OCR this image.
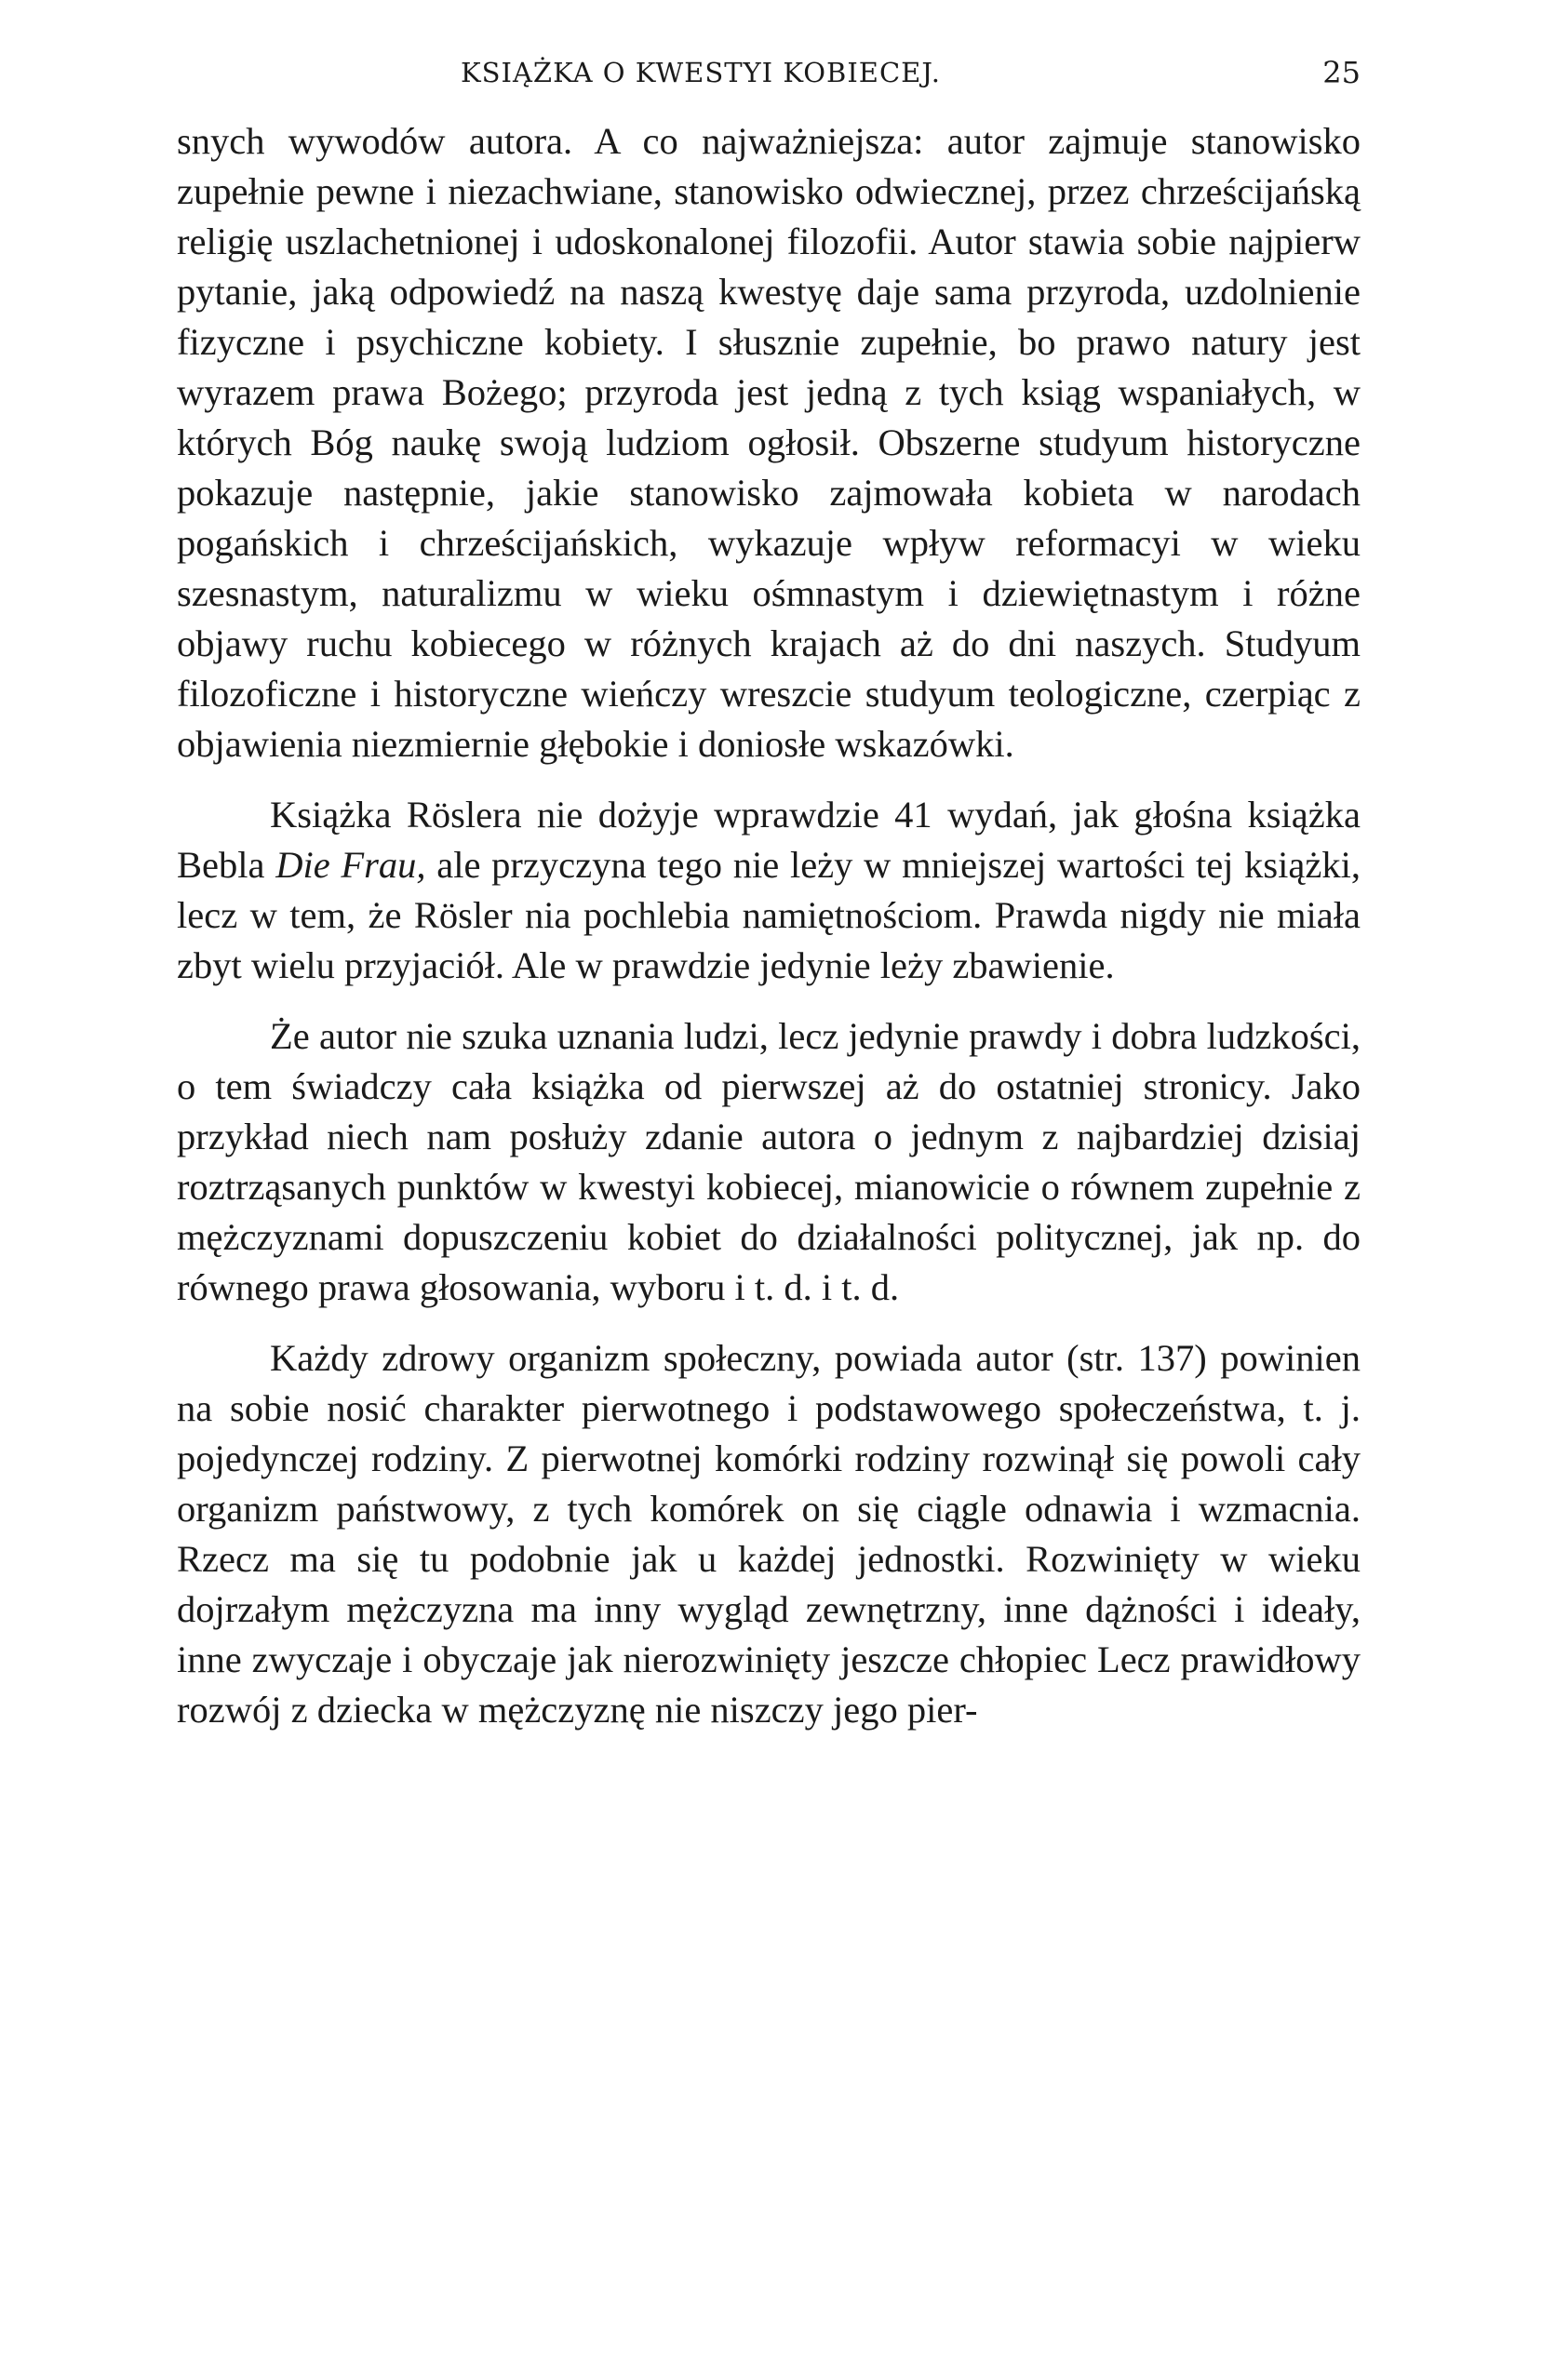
KSIĄŻKA O KWESTYI KOBIECEJ.	25

snych wywodów autora. A co najważniejsza: autor zajmuje stanowisko zupełnie pewne i niezachwiane, stanowisko odwiecznej, przez chrześcijańską religię uszlachetnionej i udoskonalonej filozofii. Autor stawia sobie najpierw pytanie, jaką odpowiedź na naszą kwestyę daje sama przyroda, uzdolnienie fizyczne i psychiczne kobiety. I słusznie zupełnie, bo prawo natury jest wyrazem prawa Bożego; przyroda jest jedną z tych ksiąg wspaniałych, w których Bóg naukę swoją ludziom ogłosił. Obszerne studyum historyczne pokazuje następnie, jakie stanowisko zajmowała kobieta w narodach pogańskich i chrześcijańskich, wykazuje wpływ reformacyi w wieku szesnastym, naturalizmu w wieku ośmnastym i dziewiętnastym i różne objawy ruchu kobiecego w różnych krajach aż do dni naszych. Studyum filozoficzne i historyczne wieńczy wreszcie studyum teologiczne, czerpiąc z objawienia niezmiernie głębokie i doniosłe wskazówki.

Książka Röslera nie dożyje wprawdzie 41 wydań, jak głośna książka Bebla Die Frau, ale przyczyna tego nie leży w mniejszej wartości tej książki, lecz w tem, że Rösler nia pochlebia namiętnościom. Prawda nigdy nie miała zbyt wielu przyjaciół. Ale w prawdzie jedynie leży zbawienie.

Że autor nie szuka uznania ludzi, lecz jedynie prawdy i dobra ludzkości, o tem świadczy cała książka od pierwszej aż do ostatniej stronicy. Jako przykład niech nam posłuży zdanie autora o jednym z najbardziej dzisiaj roztrząsanych punktów w kwestyi kobiecej, mianowicie o równem zupełnie z mężczyznami dopuszczeniu kobiet do działalności politycznej, jak np. do równego prawa głosowania, wyboru i t. d. i t. d.

Każdy zdrowy organizm społeczny, powiada autor (str. 137) powinien na sobie nosić charakter pierwotnego i podstawowego społeczeństwa, t. j. pojedynczej rodziny. Z pierwotnej komórki rodziny rozwinął się powoli cały organizm państwowy, z tych komórek on się ciągle odnawia i wzmacnia. Rzecz ma się tu podobnie jak u każdej jednostki. Rozwinięty w wieku dojrzałym mężczyzna ma inny wygląd zewnętrzny, inne dążności i ideały, inne zwyczaje i obyczaje jak nierozwinięty jeszcze chłopiec Lecz prawidłowy rozwój z dziecka w mężczyznę nie niszczy jego pier-
